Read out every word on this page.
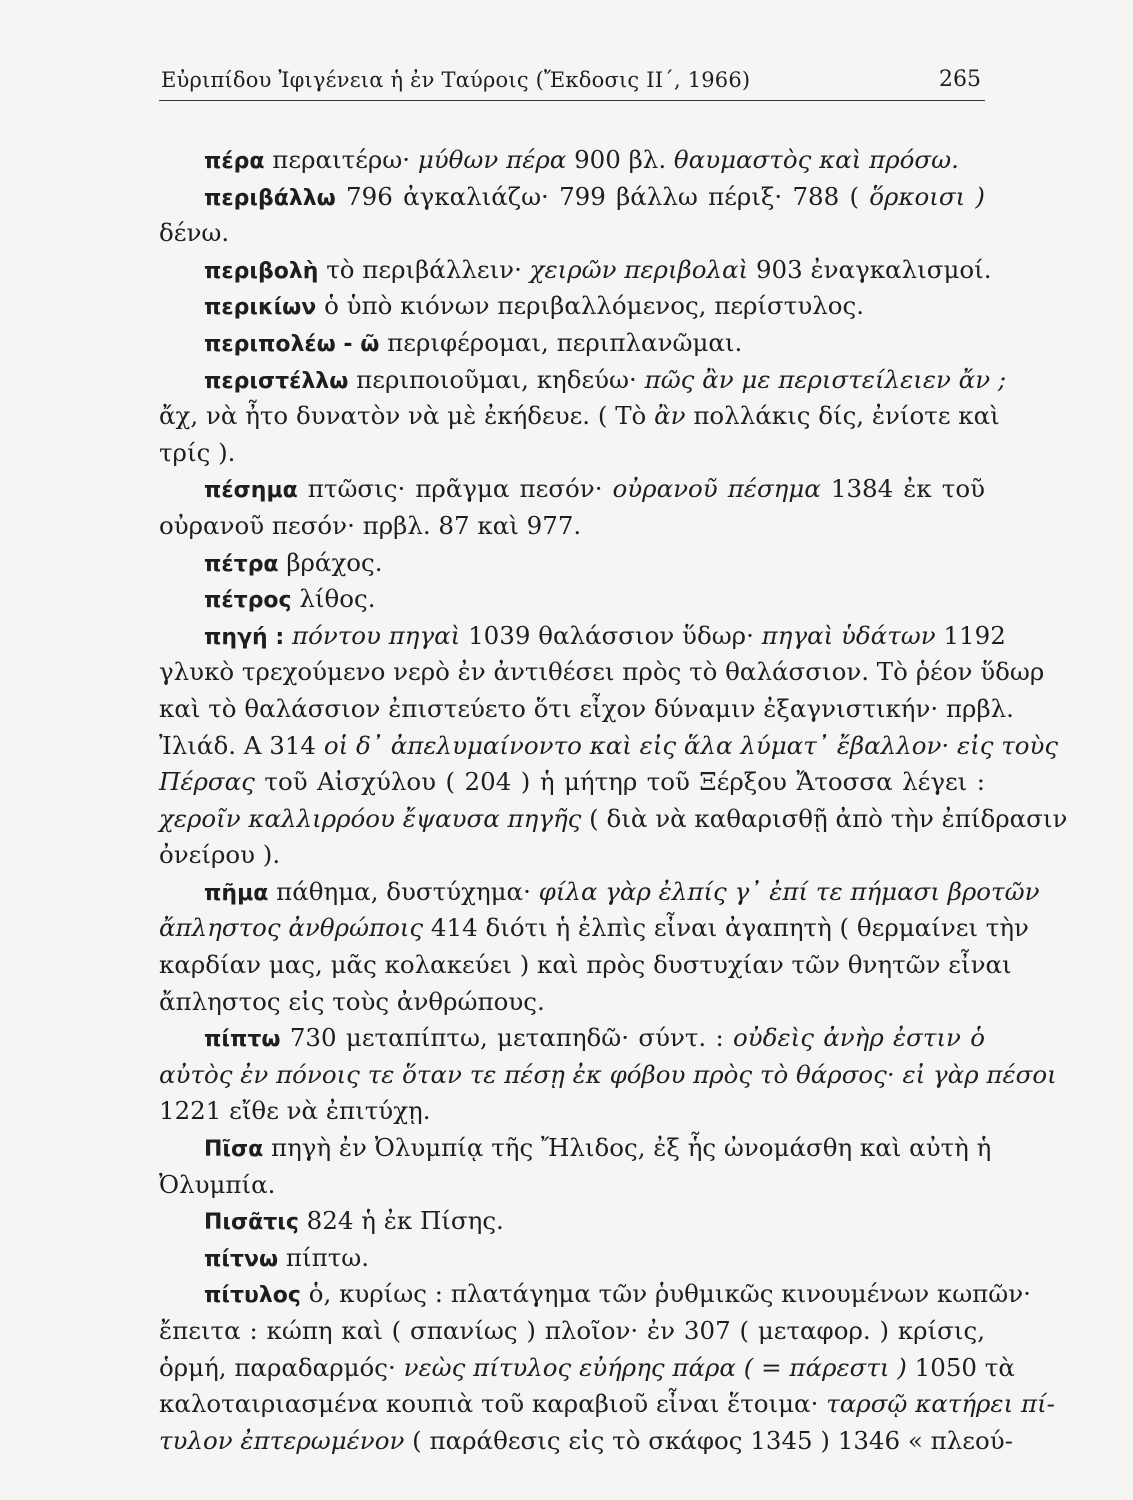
Εὐριπίδου Ἰφιγένεια ἡ ἐν Ταύροις (Ἔκδοσις ΙΙ΄, 1966)	265
πέρα περαιτέρω· μύθων πέρα 900 βλ. θαυμαστὸς καὶ πρόσω.
περιβάλλω 796 ἀγκαλιάζω· 799 βάλλω πέριξ· 788 ( ὅρκοισι )
δένω.
περιβολὴ τὸ περιβάλλειν· χειρῶν περιβολαὶ 903 ἐναγκαλισμοί.
περικίων ὁ ὑπὸ κιόνων περιβαλλόμενος, περίστυλος.
περιπολέω - ῶ περιφέρομαι, περιπλανῶμαι.
περιστέλλω περιποιοῦμαι, κηδεύω· πῶς ἂν με περιστείλειεν ἄν ;
ἄχ, νὰ ἦτο δυνατὸν νὰ μὲ ἐκήδευε. ( Τὸ ἂν πολλάκις δίς, ἐνίοτε καὶ
τρίς ).
πέσημα πτῶσις· πρᾶγμα πεσόν· οὐρανοῦ πέσημα 1384 ἐκ τοῦ
οὐρανοῦ πεσόν· πρβλ. 87 καὶ 977.
πέτρα βράχος.
πέτρος λίθος.
πηγή : πόντου πηγαὶ 1039 θαλάσσιον ὕδωρ· πηγαὶ ὑδάτων 1192
γλυκὸ τρεχούμενο νερὸ ἐν ἀντιθέσει πρὸς τὸ θαλάσσιον. Τὸ ῥέον ὕδωρ
καὶ τὸ θαλάσσιον ἐπιστεύετο ὅτι εἶχον δύναμιν ἐξαγνιστικήν· πρβλ.
Ἰλιάδ. Α 314 οἱ δ᾽ ἀπελυμαίνοντο καὶ εἰς ἅλα λύματ᾽ ἔβαλλον· εἰς τοὺς
Πέρσας τοῦ Αἰσχύλου ( 204 ) ἡ μήτηρ τοῦ Ξέρξου Ἄτοσσα λέγει :
χεροῖν καλλιρρόου ἔψαυσα πηγῆς ( διὰ νὰ καθαρισθῇ ἀπὸ τὴν ἐπίδρασιν
ὀνείρου ).
πῆμα πάθημα, δυστύχημα· φίλα γὰρ ἐλπίς γ᾽ ἐπί τε πήμασι βροτῶν
ἄπληστος ἀνθρώποις 414 διότι ἡ ἐλπὶς εἶναι ἀγαπητὴ ( θερμαίνει τὴν
καρδίαν μας, μᾶς κολακεύει ) καὶ πρὸς δυστυχίαν τῶν θνητῶν εἶναι
ἄπληστος εἰς τοὺς ἀνθρώπους.
πίπτω 730 μεταπίπτω, μεταπηδῶ· σύντ. : οὐδεὶς ἀνὴρ ἐστιν ὁ
αὐτὸς ἐν πόνοις τε ὅταν τε πέσῃ ἐκ φόβου πρὸς τὸ θάρσος· εἰ γὰρ πέσοι
1221 εἴθε νὰ ἐπιτύχῃ.
Πῖσα πηγὴ ἐν Ὀλυμπίᾳ τῆς Ἤλιδος, ἐξ ἧς ὠνομάσθη καὶ αὐτὴ ἡ
Ὀλυμπία.
Πισᾶτις 824 ἡ ἐκ Πίσης.
πίτνω πίπτω.
πίτυλος ὁ, κυρίως : πλατάγημα τῶν ῥυθμικῶς κινουμένων κωπῶν·
ἔπειτα : κώπη καὶ ( σπανίως ) πλοῖον· ἐν 307 ( μεταφορ. ) κρίσις,
ὁρμή, παραδαρμός· νεὼς πίτυλος εὐήρης πάρα ( = πάρεστι ) 1050 τὰ
καλοταιριασμένα κουπιὰ τοῦ καραβιοῦ εἶναι ἕτοιμα· ταρσῷ κατήρει πί-
τυλον ἐπτερωμένον ( παράθεσις εἰς τὸ σκάφος 1345 ) 1346 « πλεού-
